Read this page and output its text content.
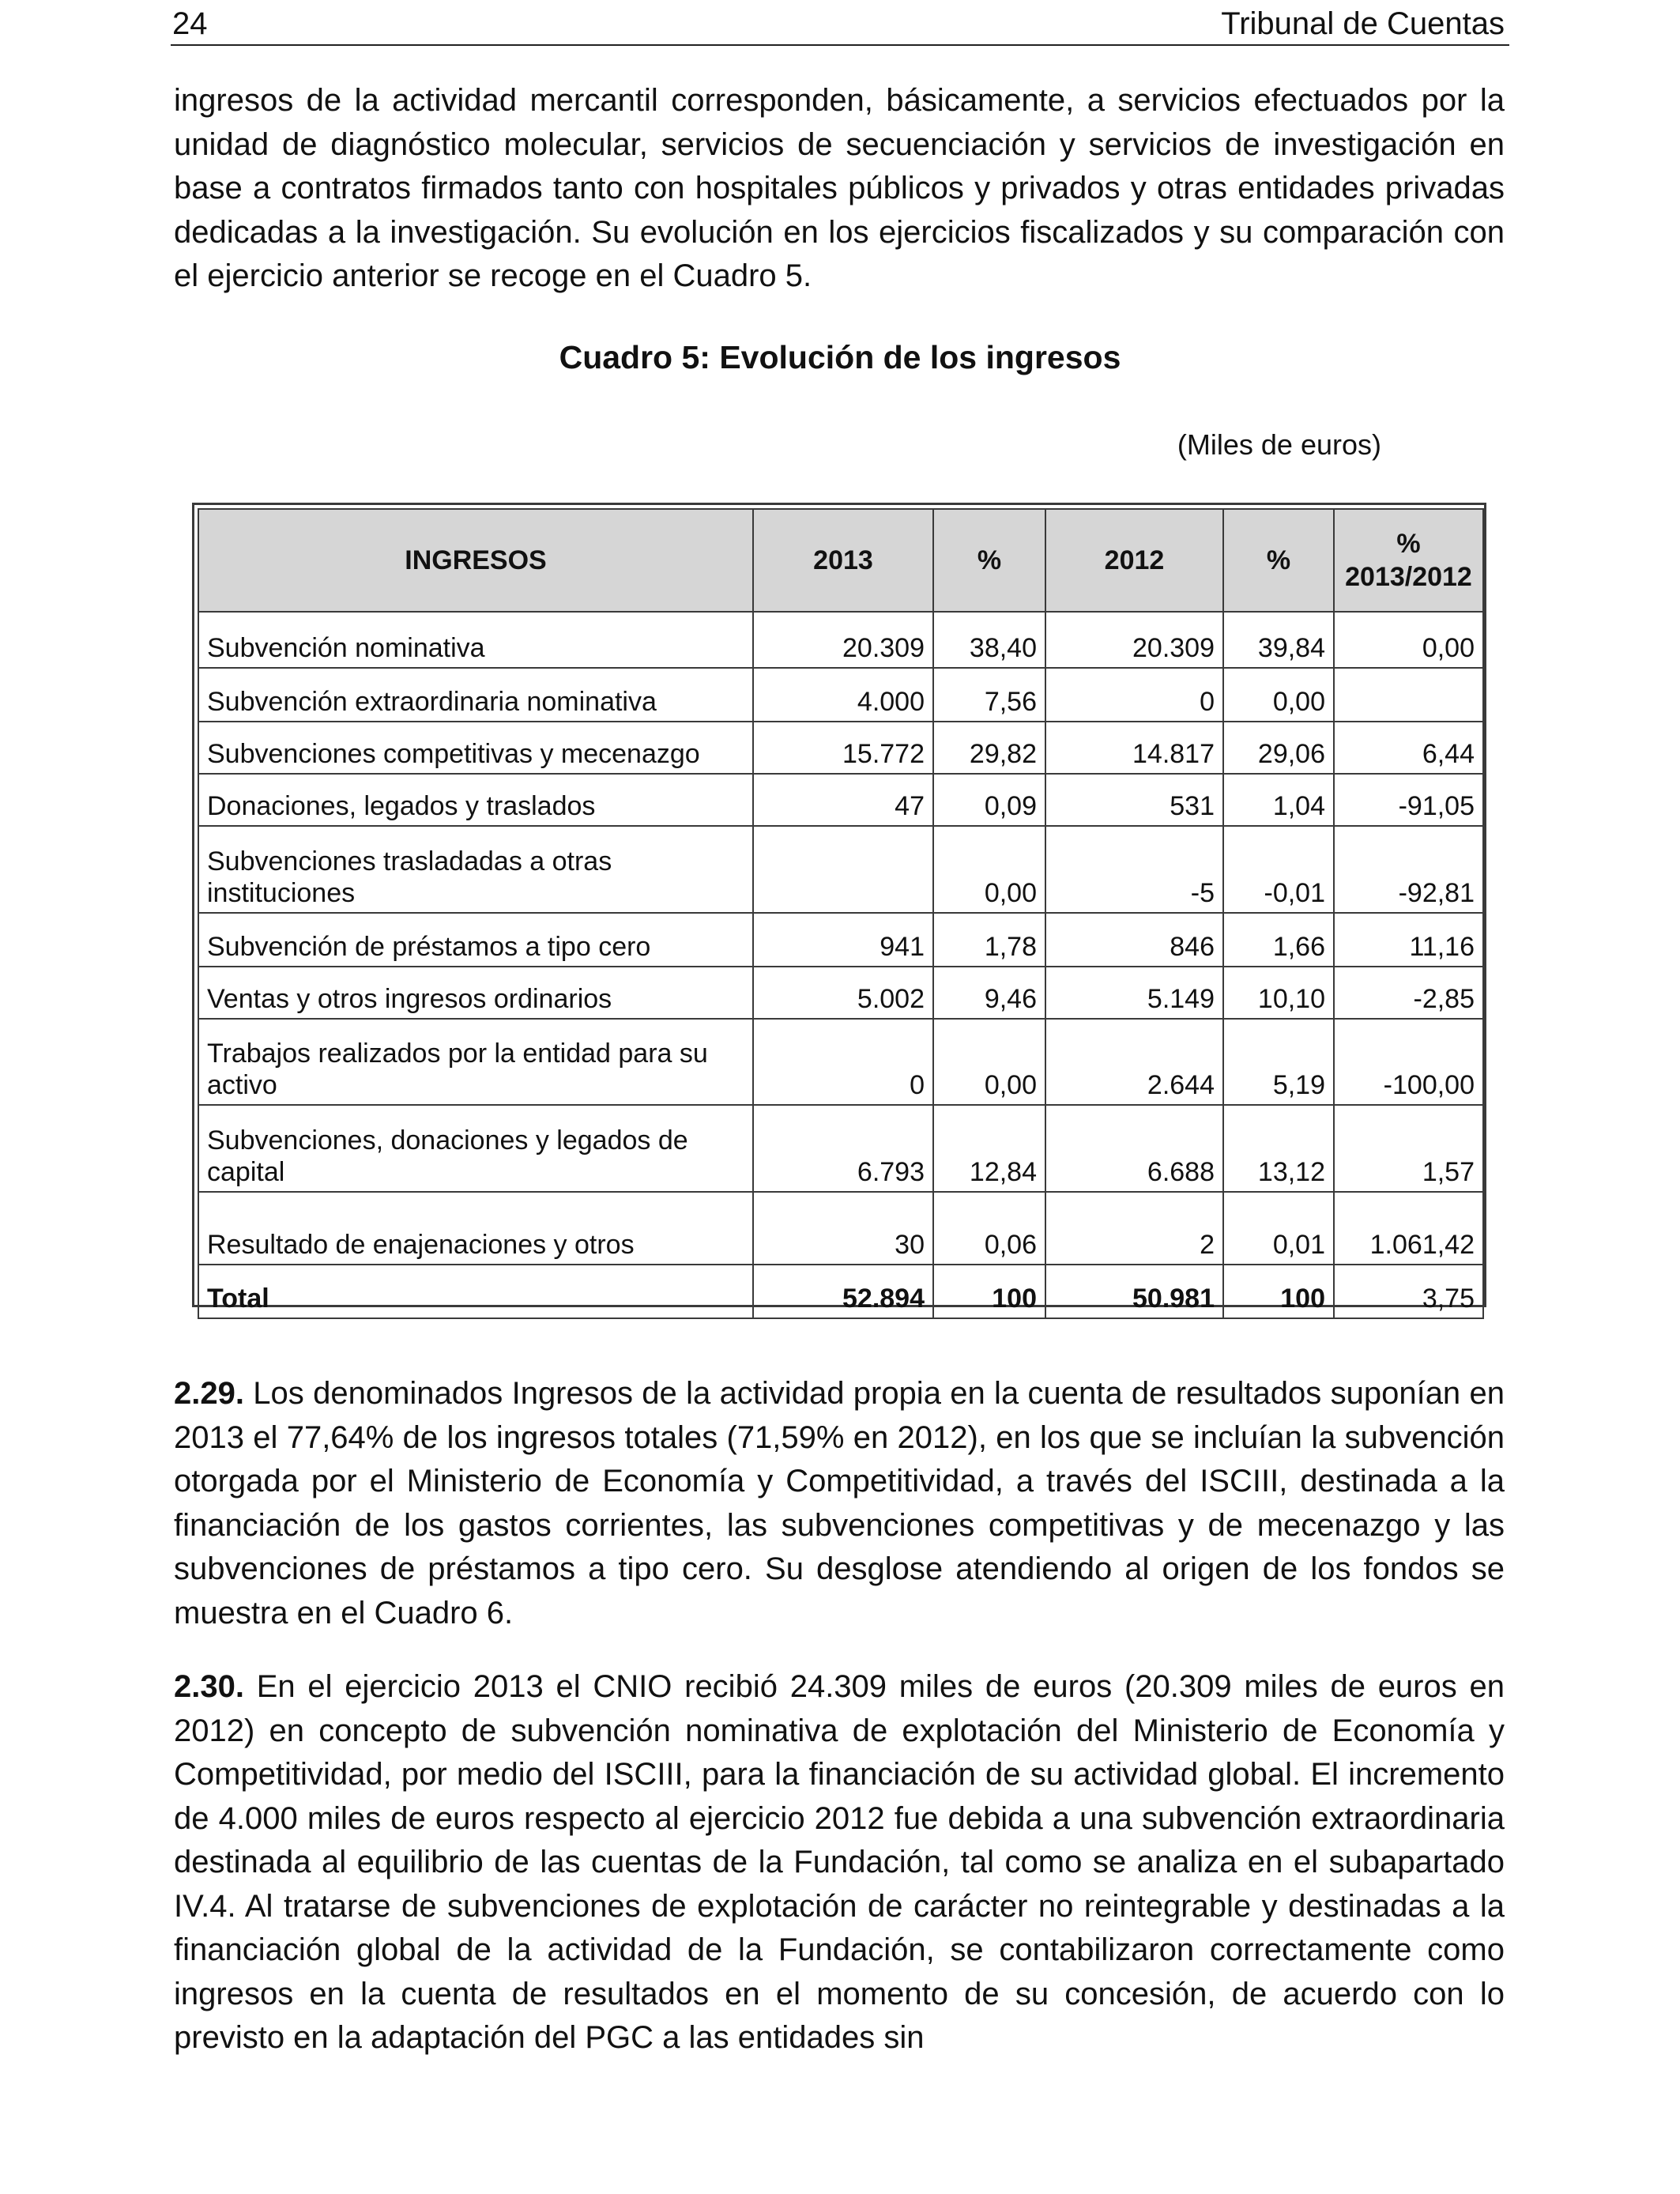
24	Tribunal de Cuentas
ingresos de la actividad mercantil corresponden, básicamente, a servicios efectuados por la unidad de diagnóstico molecular, servicios de secuenciación y servicios de investigación en base a contratos firmados tanto con hospitales públicos y privados y otras entidades privadas dedicadas a la investigación. Su evolución en los ejercicios fiscalizados y su comparación con el ejercicio anterior se recoge en el Cuadro 5.
Cuadro 5: Evolución de los ingresos
(Miles de euros)
INGRESOS	2013	%	2012	%	%
2013/2012

Subvención nominativa	20.309	38,40	20.309	39,84	0,00
Subvención extraordinaria nominativa	4.000	7,56	0	0,00	
Subvenciones competitivas y mecenazgo	15.772	29,82	14.817	29,06	6,44
Donaciones, legados y traslados	47	0,09	531	1,04	-91,05
Subvenciones trasladadas a otras instituciones		0,00	-5	-0,01	-92,81
Subvención de préstamos a tipo cero	941	1,78	846	1,66	11,16
Ventas y otros ingresos ordinarios	5.002	9,46	5.149	10,10	-2,85
Trabajos realizados por la entidad para su activo	0	0,00	2.644	5,19	-100,00
Subvenciones, donaciones y legados de capital	6.793	12,84	6.688	13,12	1,57
Resultado de enajenaciones y otros	30	0,06	2	0,01	1.061,42
Total	52.894	100	50.981	100	3,75
2.29. Los denominados Ingresos de la actividad propia en la cuenta de resultados suponían en 2013 el 77,64% de los ingresos totales (71,59% en 2012), en los que se incluían la subvención otorgada por el Ministerio de Economía y Competitividad, a través del ISCIII, destinada a la financiación de los gastos corrientes, las subvenciones competitivas y de mecenazgo y las subvenciones de préstamos a tipo cero. Su desglose atendiendo al origen de los fondos se muestra en el Cuadro 6.
2.30. En el ejercicio 2013 el CNIO recibió 24.309 miles de euros (20.309 miles de euros en 2012) en concepto de subvención nominativa de explotación del Ministerio de Economía y Competitividad, por medio del ISCIII, para la financiación de su actividad global. El incremento de 4.000 miles de euros respecto al ejercicio 2012 fue debida a una subvención extraordinaria destinada al equilibrio de las cuentas de la Fundación, tal como se analiza en el subapartado IV.4. Al tratarse de subvenciones de explotación de carácter no reintegrable y destinadas a la financiación global de la actividad de la Fundación, se contabilizaron correctamente como ingresos en la cuenta de resultados en el momento de su concesión, de acuerdo con lo previsto en la adaptación del PGC a las entidades sin
